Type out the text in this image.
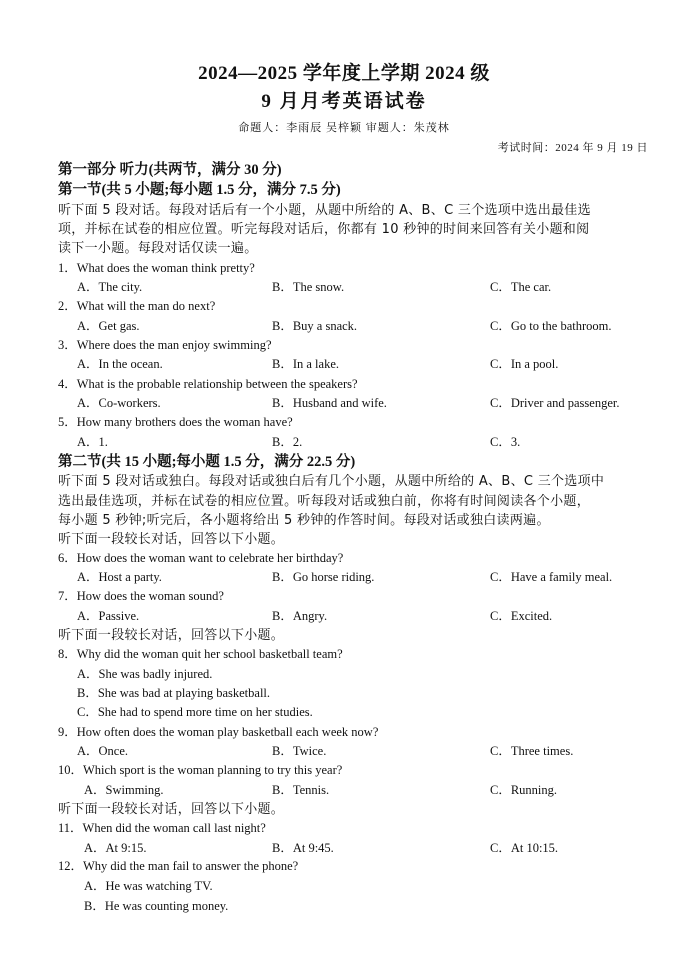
2024—2025 学年度上学期 2024 级
9 月月考英语试卷
命题人：李雨辰 吴梓颖 审题人：朱茂林
考试时间：2024 年 9 月 19 日
第一部分 听力(共两节，满分 30 分)
第一节(共 5 小题;每小题 1.5 分，满分 7.5 分)
听下面 5 段对话。每段对话后有一个小题，从题中所给的 A、B、C 三个选项中选出最佳选
项，并标在试卷的相应位置。听完每段对话后，你都有 10 秒钟的时间来回答有关小题和阅
读下一小题。每段对话仅读一遍。
1．What does the woman think pretty?
A．The city.	B．The snow.	C．The car.
2．What will the man do next?
A．Get gas.	B．Buy a snack.	C．Go to the bathroom.
3．Where does the man enjoy swimming?
A．In the ocean.	B．In a lake.	C．In a pool.
4．What is the probable relationship between the speakers?
A．Co-workers.	B．Husband and wife.	C．Driver and passenger.
5．How many brothers does the woman have?
A．1.	B．2.	C．3.
第二节(共 15 小题;每小题 1.5 分，满分 22.5 分)
听下面 5 段对话或独白。每段对话或独白后有几个小题，从题中所给的 A、B、C 三个选项中
选出最佳选项，并标在试卷的相应位置。听每段对话或独白前，你将有时间阅读各个小题，
每小题 5 秒钟;听完后，各小题将给出 5 秒钟的作答时间。每段对话或独白读两遍。
听下面一段较长对话，回答以下小题。
6．How does the woman want to celebrate her birthday?
A．Host a party.	B．Go horse riding.	C．Have a family meal.
7．How does the woman sound?
A．Passive.	B．Angry.	C．Excited.
听下面一段较长对话，回答以下小题。
8．Why did the woman quit her school basketball team?
A．She was badly injured.
B．She was bad at playing basketball.
C．She had to spend more time on her studies.
9．How often does the woman play basketball each week now?
A．Once.	B．Twice.	C．Three times.
10．Which sport is the woman planning to try this year?
A．Swimming.	B．Tennis.	C．Running.
听下面一段较长对话，回答以下小题。
11．When did the woman call last night?
A．At 9:15.	B．At 9:45.	C．At 10:15.
12．Why did the man fail to answer the phone?
A．He was watching TV.
B．He was counting money.
